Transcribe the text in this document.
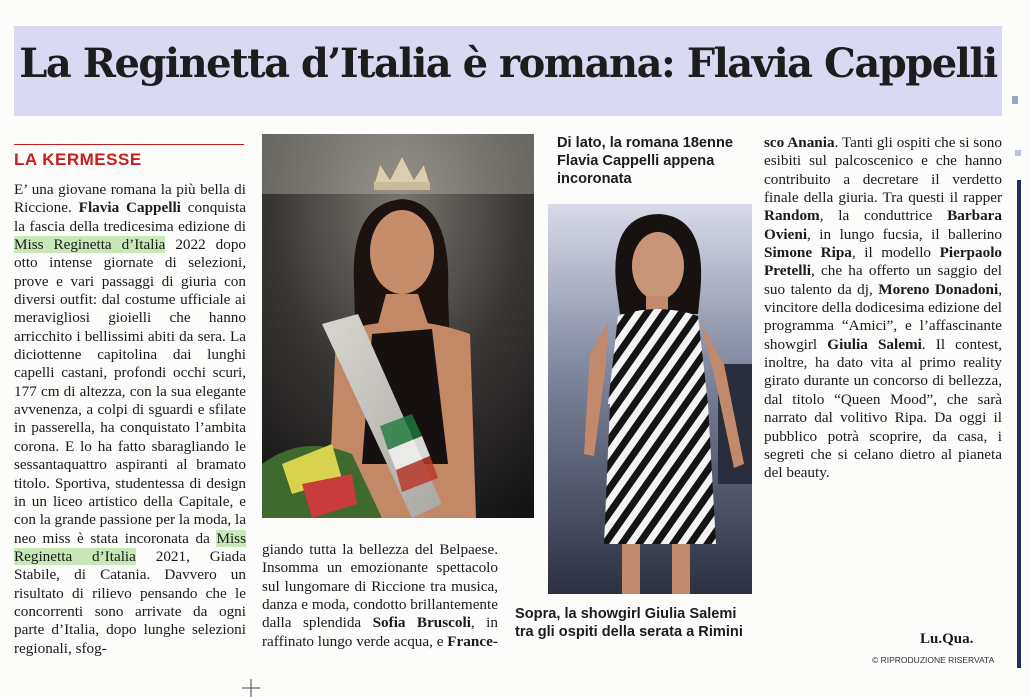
La Reginetta d’Italia è romana: Flavia Cappelli
LA KERMESSE

E’ una giovane romana la più bella di Riccione. Flavia Cappelli conquista la fascia della tredicesima edizione di Miss Reginetta d’Italia 2022 dopo otto intense giornate di selezioni, prove e vari passaggi di giuria con diversi outfit: dal costume ufficiale ai meravigliosi gioielli che hanno arricchito i bellissimi abiti da sera. La diciottenne capitolina dai lunghi capelli castani, profondi occhi scuri, 177 cm di altezza, con la sua elegante avvenenza, a colpi di sguardi e sfilate in passerella, ha conquistato l’ambita corona. E lo ha fatto sbaragliando le sessantaquattro aspiranti al bramato titolo. Sportiva, studentessa di design in un liceo artistico della Capitale, e con la grande passione per la moda, la neo miss è stata incoronata da Miss Reginetta d’Italia 2021, Giada Stabile, di Catania. Davvero un risultato di rilievo pensando che le concorrenti sono arrivate da ogni parte d’Italia, dopo lunghe selezioni regionali, sfog-

Di lato, la romana 18enne Flavia Cappelli appena incoronata
Sopra, la showgirl Giulia Salemi tra gli ospiti della serata a Rimini

giando tutta la bellezza del Belpaese. Insomma un emozionante spettacolo sul lungomare di Riccione tra musica, danza e moda, condotto brillantemente dalla splendida Sofia Bruscoli, in raffinato lungo verde acqua, e France-

sco Anania. Tanti gli ospiti che si sono esibiti sul palcoscenico e che hanno contribuito a decretare il verdetto finale della giuria. Tra questi il rapper Random, la conduttrice Barbara Ovieni, in lungo fucsia, il ballerino Simone Ripa, il modello Pierpaolo Pretelli, che ha offerto un saggio del suo talento da dj, Moreno Donadoni, vincitore della dodicesima edizione del programma “Amici”, e l’affascinante showgirl Giulia Salemi. Il contest, inoltre, ha dato vita al primo reality girato durante un concorso di bellezza, dal titolo “Queen Mood”, che sarà narrato dal volitivo Ripa. Da oggi il pubblico potrà scoprire, da casa, i segreti che si celano dietro al pianeta del beauty.

Lu.Qua.
© RIPRODUZIONE RISERVATA
